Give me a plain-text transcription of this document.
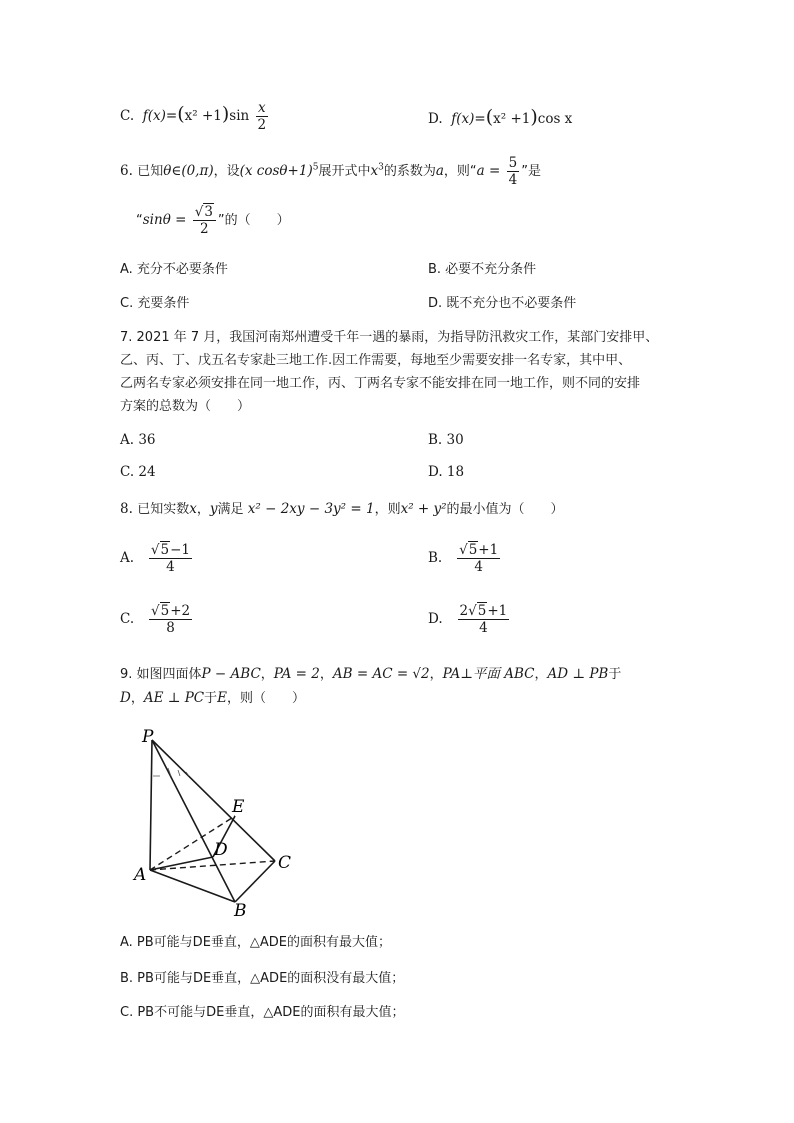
C. $f(x)=(x^2 +1)\sin \frac{x}{2}$	D. f(x)=(x² +1)cos x
6. 已知θ∈(0,π)，设(x cosθ+1)$^5$展开式中$x^3$的系数为a，则“$a = \frac{5}{4}$ ”是
“$\sin\theta = \frac{√3}{2}$ ”的（　　）
A. 充分不必要条件	B. 必要不充分条件
C. 充要条件	D. 既不充分也不必要条件
7. 2021 年 7 月，我国河南郑州遭受千年一遇的暴雨，为指导防汛救灾工作，某部门安排甲、
乙、丙、丁、戊五名专家赴三地工作.因工作需要，每地至少需要安排一名专家，其中甲、
乙两名专家必须安排在同一地工作，丙、丁两名专家不能安排在同一地工作，则不同的安排
方案的总数为（　　）
A. 36	B. 30
C. 24	D. 18
8. 已知实数x，y满足 x² − 2xy − 3y² = 1，则x² + y²的最小值为（　　）
A. $\frac{√5-1}{4}$	B. $\frac{√5+1}{4}$
C. $\frac{√5+2}{8}$	D. $\frac{2√5+1}{4}$
9. 如图四面体P − ABC，PA = 2，AB = AC = √2，PA⊥平面 ABC，AD ⊥ PB于
D，AE ⊥ PC于E，则（　　）
P
A
B
C
D
E
A. PB可能与DE垂直，△ADE的面积有最大值；
B. PB可能与DE垂直，△ADE的面积没有最大值；
C. PB不可能与DE垂直，△ADE的面积有最大值；
